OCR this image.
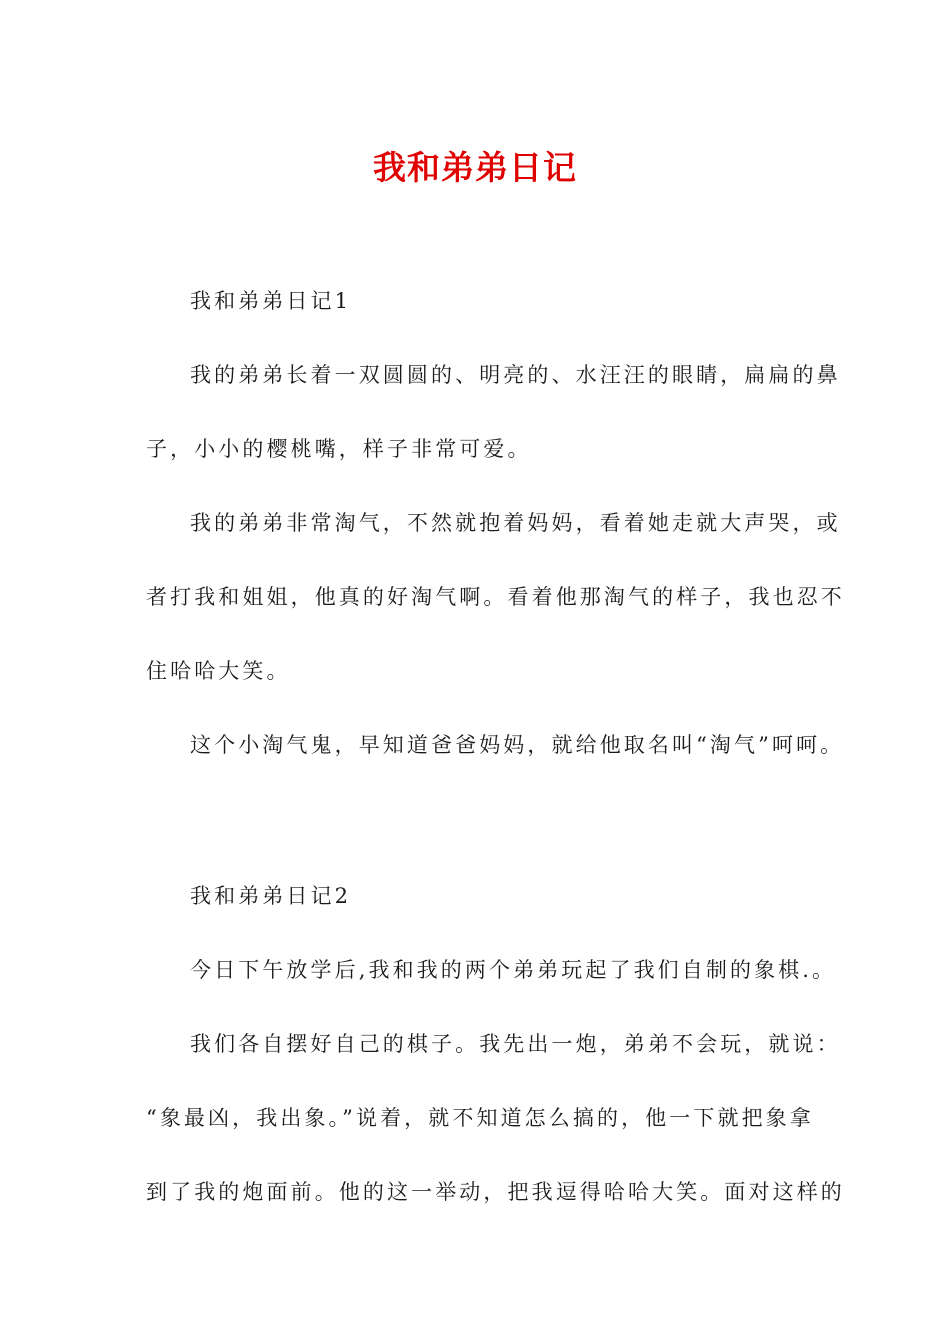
我和弟弟日记
我和弟弟日记1
我的弟弟长着一双圆圆的、明亮的、水汪汪的眼睛，扁扁的鼻
子，小小的樱桃嘴，样子非常可爱。
我的弟弟非常淘气，不然就抱着妈妈，看着她走就大声哭，或
者打我和姐姐，他真的好淘气啊。看着他那淘气的样子，我也忍不
住哈哈大笑。
这个小淘气鬼，早知道爸爸妈妈，就给他取名叫“淘气”呵呵。
我和弟弟日记2
今日下午放学后,我和我的两个弟弟玩起了我们自制的象棋.。
我们各自摆好自己的棋子。我先出一炮，弟弟不会玩，就说：
“象最凶，我出象。”说着，就不知道怎么搞的，他一下就把象拿
到了我的炮面前。他的这一举动，把我逗得哈哈大笑。面对这样的
